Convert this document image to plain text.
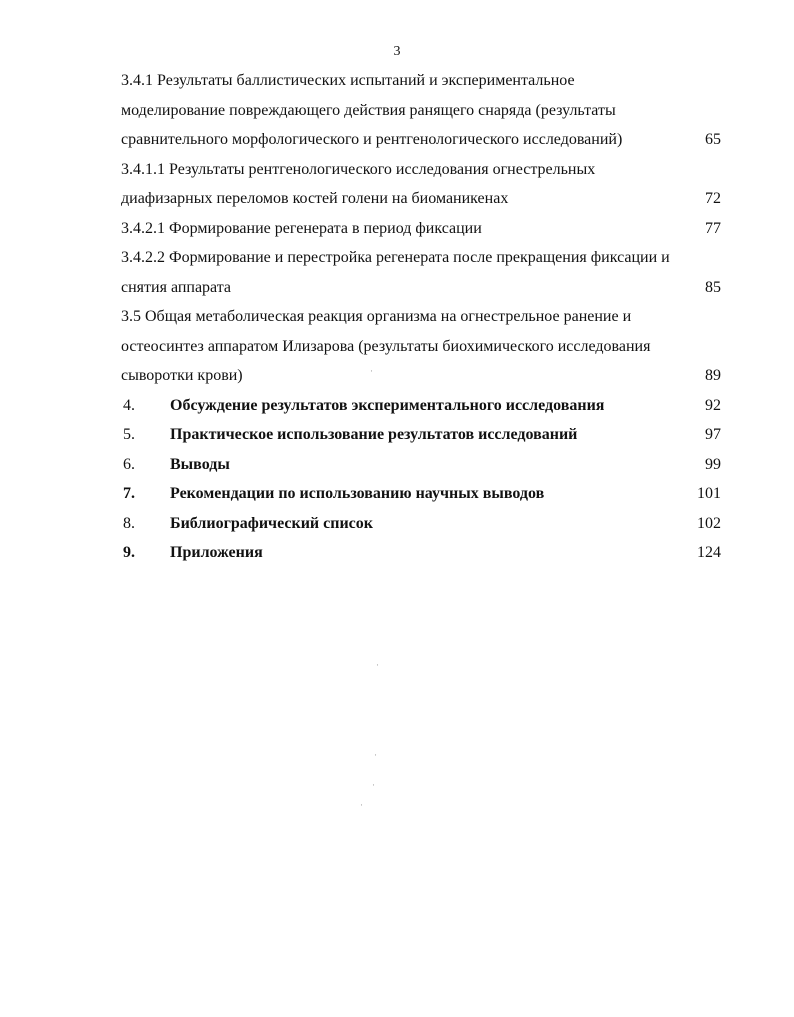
3
3.4.1 Результаты баллистических испытаний и экспериментальное
моделирование повреждающего действия ранящего снаряда (результаты
сравнительного морфологического и рентгенологического исследований)	65
3.4.1.1 Результаты рентгенологического исследования огнестрельных
диафизарных переломов костей голени на биоманикенах	72
3.4.2.1 Формирование регенерата в период фиксации	77
3.4.2.2 Формирование и перестройка регенерата после прекращения фиксации и
снятия аппарата	85
3.5 Общая метаболическая реакция организма на огнестрельное ранение и
остеосинтез аппаратом Илизарова (результаты биохимического исследования
сыворотки крови)	89
4.	Обсуждение результатов экспериментального исследования	92
5.	Практическое использование результатов исследований	97
6.	Выводы	99
7.	Рекомендации по использованию научных выводов	101
8.	Библиографический список	102
9.	Приложения	124
·
·
·
·
·
